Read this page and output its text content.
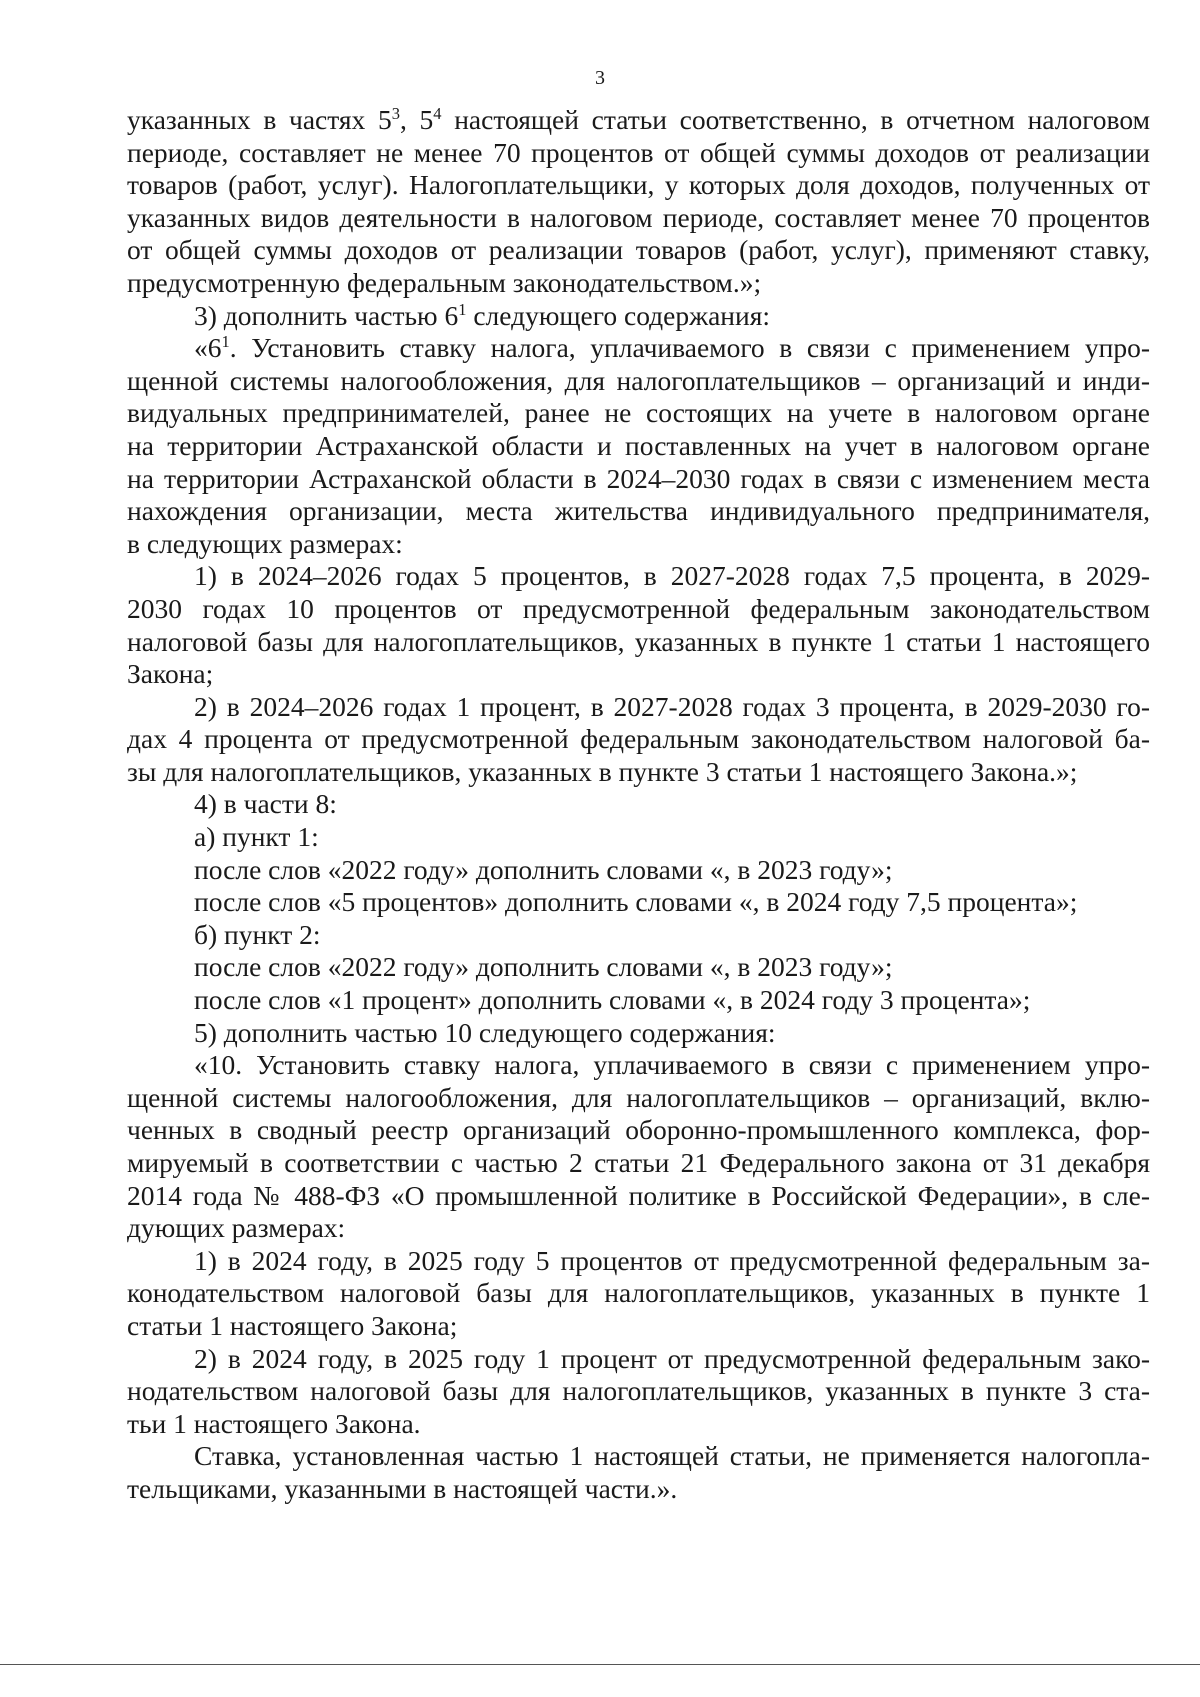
3

указанных в частях $5^3$, $5^4$ настоящей статьи соответственно, в отчетном налоговом

периоде, составляет не менее 70 процентов от общей суммы доходов от реализации

товаров (работ, услуг). Налогоплательщики, у которых доля доходов, полученных от

указанных видов деятельности в налоговом периоде, составляет менее 70 процентов

от общей суммы доходов от реализации товаров (работ, услуг), применяют ставку,

предусмотренную федеральным законодательством.»;

3) дополнить частью $6^1$ следующего содержания:

«$6^1$. Установить ставку налога, уплачиваемого в связи с применением упро-

щенной системы налогообложения, для налогоплательщиков – организаций и инди-

видуальных предпринимателей, ранее не состоящих на учете в налоговом органе

на территории Астраханской области и поставленных на учет в налоговом органе

на территории Астраханской области в 2024–2030 годах в связи с изменением места

нахождения организации, места жительства индивидуального предпринимателя,

в следующих размерах:

1) в 2024–2026 годах 5 процентов, в 2027-2028 годах 7,5 процента, в 2029-

2030 годах 10 процентов от предусмотренной федеральным законодательством

налоговой базы для налогоплательщиков, указанных в пункте 1 статьи 1 настоящего

Закона;

2) в 2024–2026 годах 1 процент, в 2027-2028 годах 3 процента, в 2029-2030 го-

дах 4 процента от предусмотренной федеральным законодательством налоговой ба-

зы для налогоплательщиков, указанных в пункте 3 статьи 1 настоящего Закона.»;

4) в части 8:

а) пункт 1:

после слов «2022 году» дополнить словами «, в 2023 году»;

после слов «5 процентов» дополнить словами «, в 2024 году 7,5 процента»;

б) пункт 2:

после слов «2022 году» дополнить словами «, в 2023 году»;

после слов «1 процент» дополнить словами «, в 2024 году 3 процента»;

5) дополнить частью 10 следующего содержания:

«10. Установить ставку налога, уплачиваемого в связи с применением упро-

щенной системы налогообложения, для налогоплательщиков – организаций, вклю-

ченных в сводный реестр организаций оборонно-промышленного комплекса, фор-

мируемый в соответствии с частью 2 статьи 21 Федерального закона от 31 декабря

2014 года № 488-ФЗ «О промышленной политике в Российской Федерации», в сле-

дующих размерах:

1) в 2024 году, в 2025 году 5 процентов от предусмотренной федеральным за-

конодательством налоговой базы для налогоплательщиков, указанных в пункте 1

статьи 1 настоящего Закона;

2) в 2024 году, в 2025 году 1 процент от предусмотренной федеральным зако-

нодательством налоговой базы для налогоплательщиков, указанных в пункте 3 ста-

тьи 1 настоящего Закона.

Ставка, установленная частью 1 настоящей статьи, не применяется налогопла-

тельщиками, указанными в настоящей части.».
